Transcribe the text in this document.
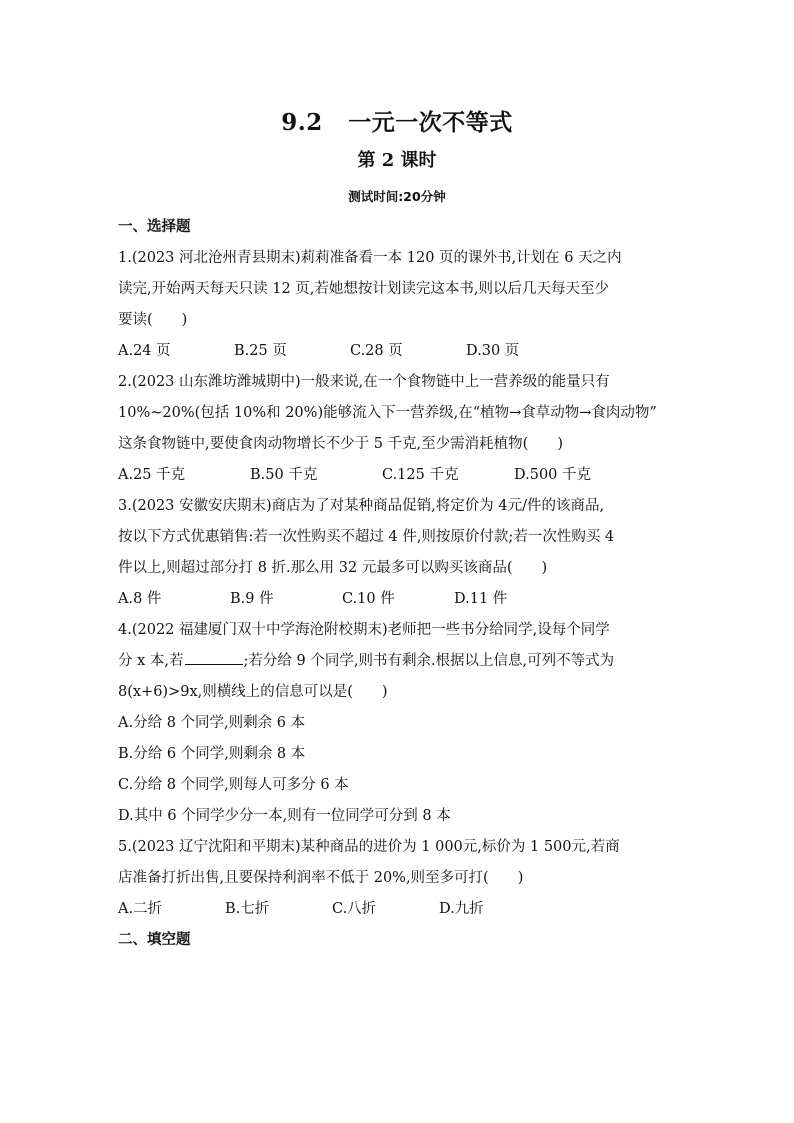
9.2   一元一次不等式
第 2 课时
测试时间:20分钟
一、选择题
1.(2023 河北沧州青县期末)莉莉准备看一本 120 页的课外书,计划在 6 天之内
读完,开始两天每天只读 12 页,若她想按计划读完这本书,则以后几天每天至少
要读(　　)
A.24 页	B.25 页	C.28 页	D.30 页
2.(2023 山东潍坊潍城期中)一般来说,在一个食物链中上一营养级的能量只有
10%~20%(包括 10%和 20%)能够流入下一营养级,在“植物→食草动物→食肉动物”
这条食物链中,要使食肉动物增长不少于 5 千克,至少需消耗植物(　　)
A.25 千克	B.50 千克	C.125 千克	D.500 千克
3.(2023 安徽安庆期末)商店为了对某种商品促销,将定价为 4元/件的该商品,
按以下方式优惠销售:若一次性购买不超过 4 件,则按原价付款;若一次性购买 4
件以上,则超过部分打 8 折.那么用 32 元最多可以购买该商品(　　)
A.8 件	B.9 件	C.10 件	D.11 件
4.(2022 福建厦门双十中学海沧附校期末)老师把一些书分给同学,设每个同学
分 x 本,若	;若分给 9 个同学,则书有剩余.根据以上信息,可列不等式为
8(x+6)>9x,则横线上的信息可以是(　　)
A.分给 8 个同学,则剩余 6 本
B.分给 6 个同学,则剩余 8 本
C.分给 8 个同学,则每人可多分 6 本
D.其中 6 个同学少分一本,则有一位同学可分到 8 本
5.(2023 辽宁沈阳和平期末)某种商品的进价为 1 000元,标价为 1 500元,若商
店准备打折出售,且要保持利润率不低于 20%,则至多可打(　　)
A.二折	B.七折	C.八折	D.九折
二、填空题
